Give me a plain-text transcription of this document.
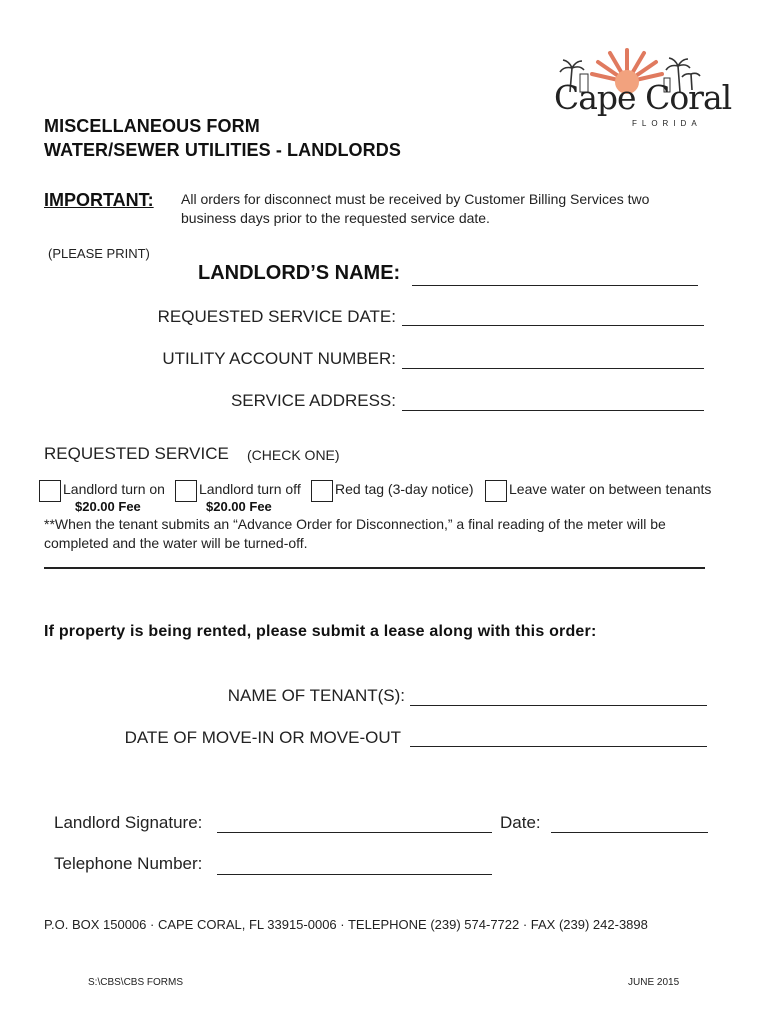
Cape Coral
FLORIDA
MISCELLANEOUS FORM
WATER/SEWER UTILITIES - LANDLORDS
IMPORTANT: All orders for disconnect must be received by Customer Billing Services two
business days prior to the requested service date.
(PLEASE PRINT)
LANDLORD’S NAME:
REQUESTED SERVICE DATE:
UTILITY ACCOUNT NUMBER:
SERVICE ADDRESS:
REQUESTED SERVICE (CHECK ONE)
Landlord turn on
$20.00 Fee
Landlord turn off
$20.00 Fee
Red tag (3-day notice)	Leave water on between tenants
**When the tenant submits an “Advance Order for Disconnection,” a final reading of the meter will be
completed and the water will be turned-off.
If property is being rented, please submit a lease along with this order:
NAME OF TENANT(S):
DATE OF MOVE-IN OR MOVE-OUT
Landlord Signature:	Date:
Telephone Number:
P.O. BOX 150006 · CAPE CORAL, FL 33915-0006 · TELEPHONE (239) 574-7722 · FAX (239) 242-3898
S:\CBS\CBS FORMS	JUNE 2015
